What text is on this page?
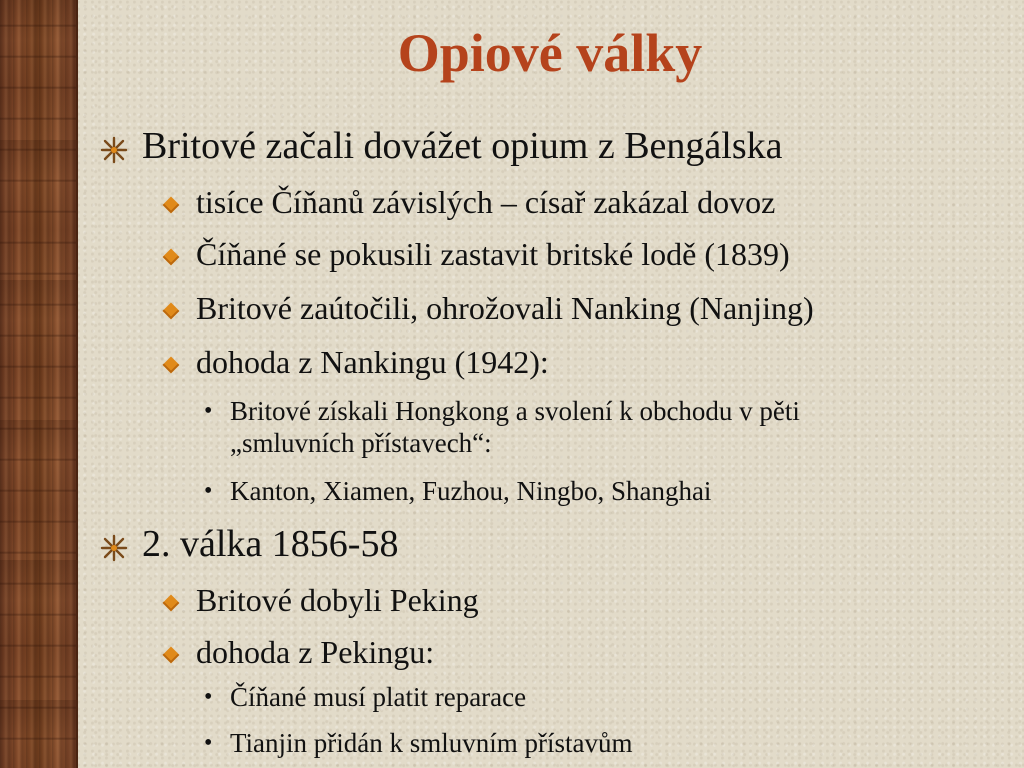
Opiové války
Britové začali dovážet opium z Bengálska
tisíce Číňanů závislých – císař zakázal dovoz
Číňané se pokusili zastavit britské lodě (1839)
Britové zaútočili, ohrožovali Nanking (Nanjing)
dohoda z Nankingu (1942):
• Britové získali Hongkong a svolení k obchodu v pěti
„smluvních přístavech“:
• Kanton, Xiamen, Fuzhou, Ningbo, Shanghai
2. válka 1856-58
Britové dobyli Peking
dohoda z Pekingu:
• Číňané musí platit reparace
• Tianjin přidán k smluvním přístavům
